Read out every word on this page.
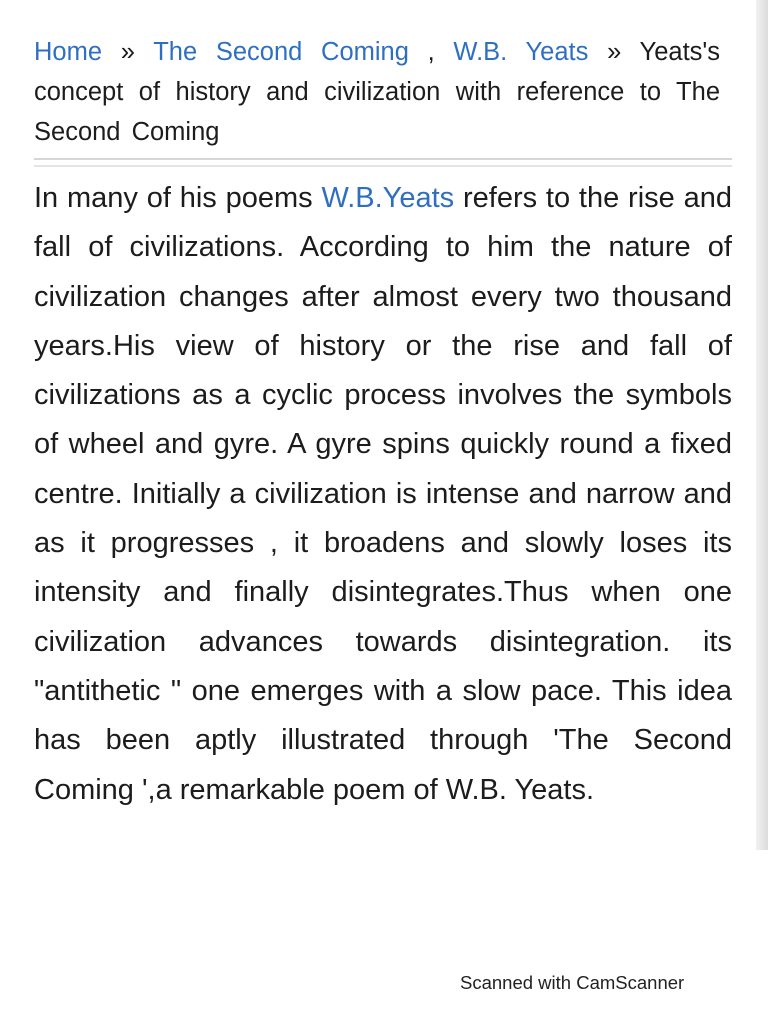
Home » The Second Coming , W.B. Yeats » Yeats's concept of history and civilization with reference to The Second Coming

In many of his poems W.B.Yeats refers to the rise and fall of civilizations. According to him the nature of civilization changes after almost every two thousand years.His view of history or the rise and fall of civilizations as a cyclic process involves the symbols of wheel and gyre. A gyre spins quickly round a fixed centre. Initially a civilization is intense and narrow and as it progresses , it broadens and slowly loses its intensity and finally disintegrates.Thus when one civilization advances towards disintegration. its "antithetic " one emerges with a slow pace. This idea has been aptly illustrated through 'The Second Coming ',a remarkable poem of W.B. Yeats.

Scanned with CamScanner
